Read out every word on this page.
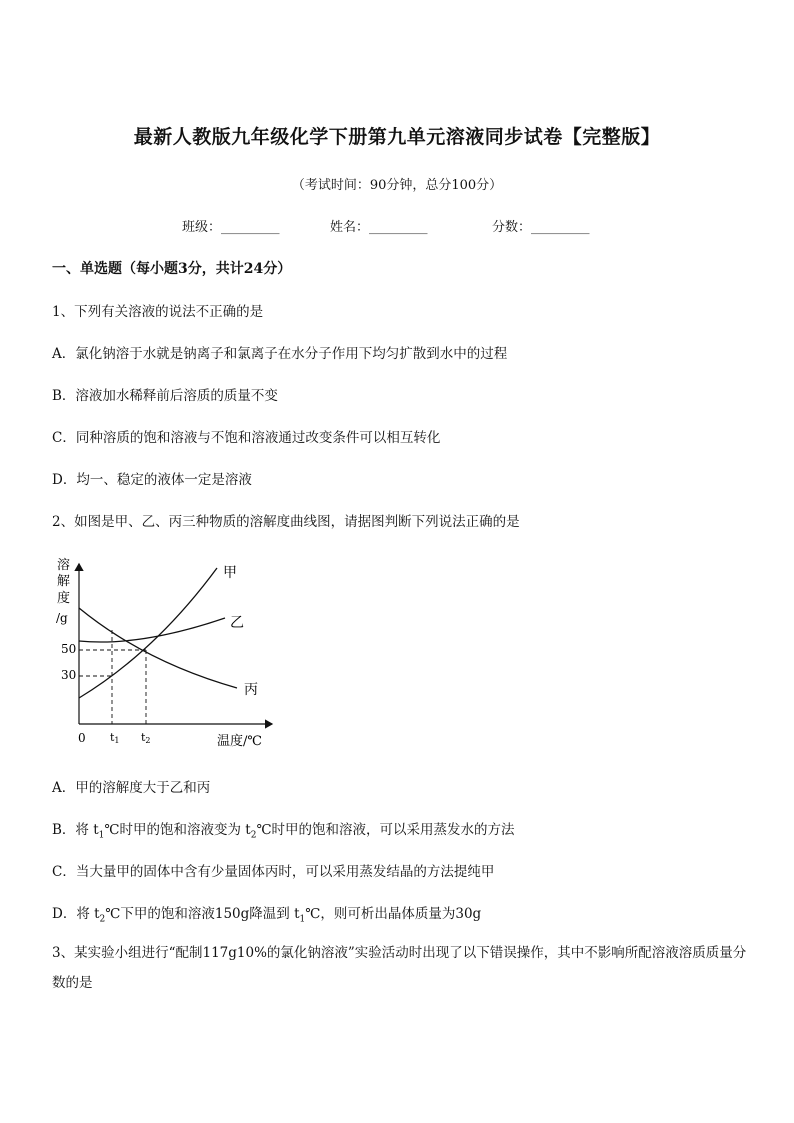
最新人教版九年级化学下册第九单元溶液同步试卷【完整版】
（考试时间：90分钟，总分100分）
班级：_________	姓名：_________	分数：_________
一、单选题（每小题3分，共计24分）
1、下列有关溶液的说法不正确的是
A．氯化钠溶于水就是钠离子和氯离子在水分子作用下均匀扩散到水中的过程
B．溶液加水稀释前后溶质的质量不变
C．同种溶质的饱和溶液与不饱和溶液通过改变条件可以相互转化
D．均一、稳定的液体一定是溶液
2、如图是甲、乙、丙三种物质的溶解度曲线图，请据图判断下列说法正确的是
溶
解
度
/g
0	温度/℃
50
30
t1 t2
甲
乙
丙
A．甲的溶解度大于乙和丙
B．将 $t_1℃$时甲的饱和溶液变为 $t_2℃$时甲的饱和溶液，可以采用蒸发水的方法
C．当大量甲的固体中含有少量固体丙时，可以采用蒸发结晶的方法提纯甲
D．将 $t_2℃$下甲的饱和溶液150g降温到 $t_1℃$，则可析出晶体质量为30g
3、某实验小组进行“配制117g10%的氯化钠溶液”实验活动时出现了以下错误操作，其中不影响所配溶液溶质质量分数的是
